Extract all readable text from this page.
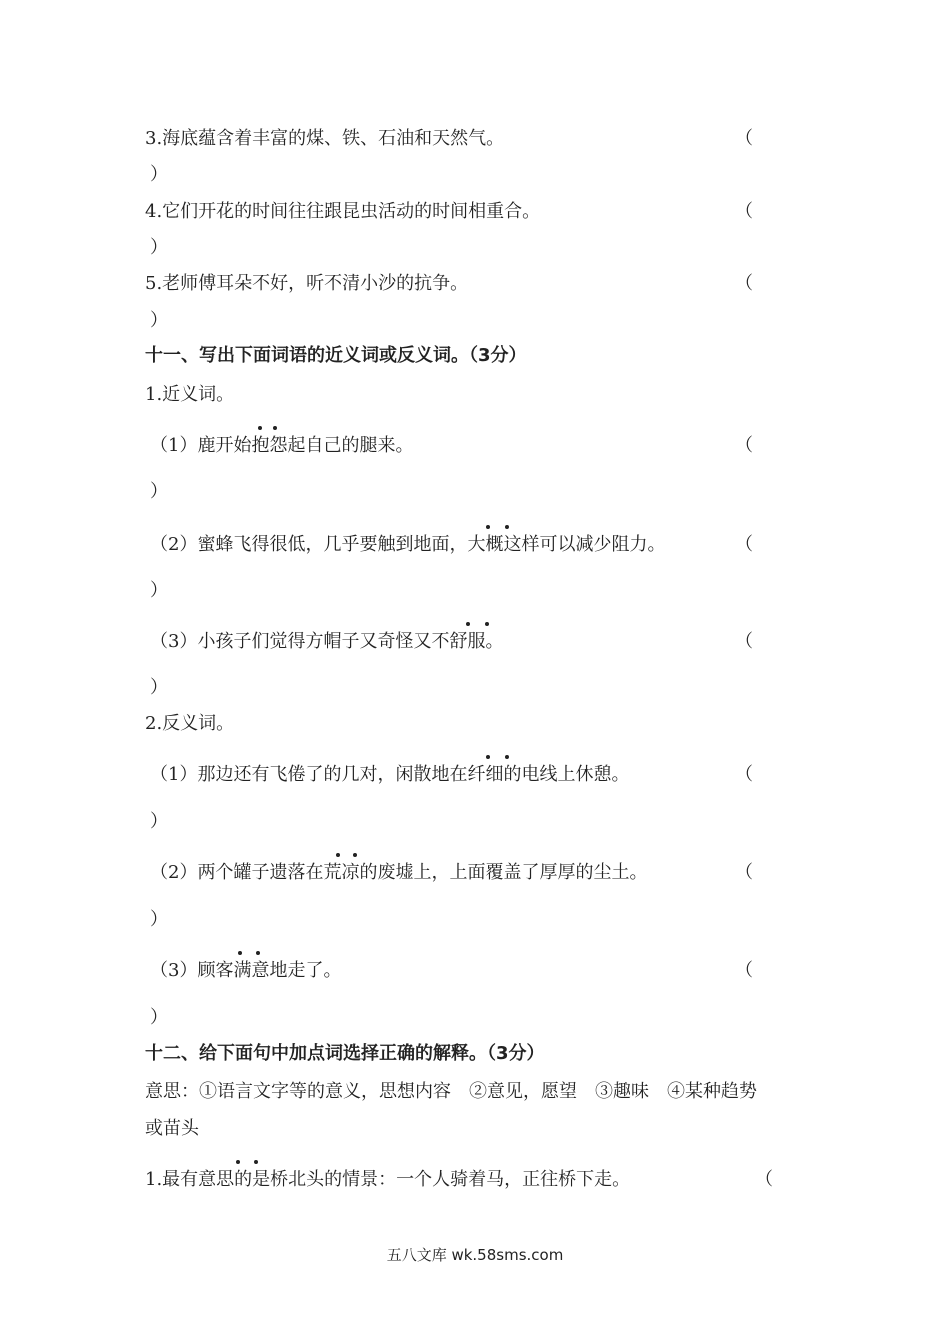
3.海底蕴含着丰富的煤、铁、石油和天然气。	（
）
4.它们开花的时间往往跟昆虫活动的时间相重合。	（
）
5.老师傅耳朵不好，听不清小沙的抗争。	（
）
十一、写出下面词语的近义词或反义词。（3分）
1.近义词。
（1）鹿开始抱怨起自己的腿来。	（
）
（2）蜜蜂飞得很低，几乎要触到地面，大概这样可以减少阻力。	（
）
（3）小孩子们觉得方帽子又奇怪又不舒服。	（
）
2.反义词。
（1）那边还有飞倦了的几对，闲散地在纤细的电线上休憩。	（
）
（2）两个罐子遗落在荒凉的废墟上，上面覆盖了厚厚的尘土。	（
）
（3）顾客满意地走了。	（
）
十二、给下面句中加点词选择正确的解释。（3分）
意思：①语言文字等的意义，思想内容　②意见，愿望　③趣味　④某种趋势
或苗头
1.最有意思的是桥北头的情景：一个人骑着马，正往桥下走。	（
五八文库 wk.58sms.com
